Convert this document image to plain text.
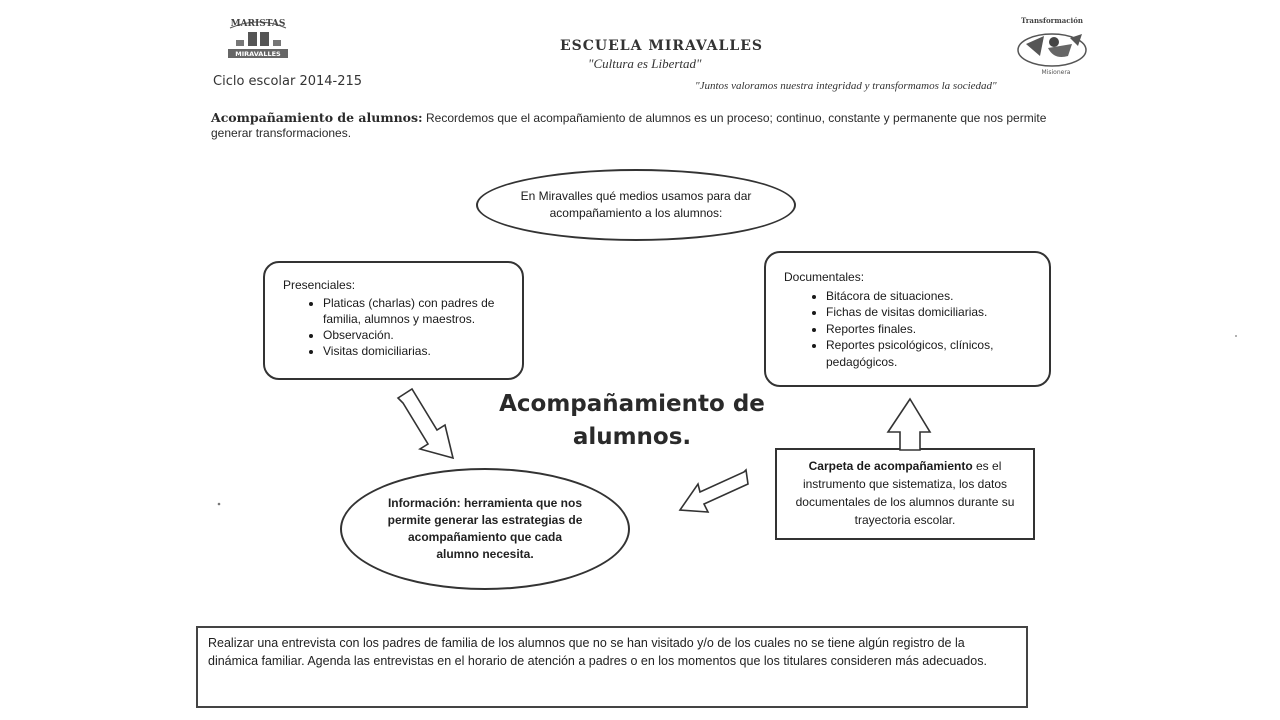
MARISTAS
MIRAVALLES
Ciclo escolar 2014-215
ESCUELA MIRAVALLES
"Cultura es Libertad"
"Juntos valoramos nuestra integridad y transformamos la sociedad"
Transformación
Misionera
Acompañamiento de alumnos: Recordemos que el acompañamiento de alumnos es un proceso; continuo, constante y permanente que nos permite generar transformaciones.
En Miravalles qué medios usamos para dar acompañamiento a los alumnos:
Presenciales:
• Platicas (charlas) con padres de familia, alumnos y maestros.
• Observación.
• Visitas domiciliarias.
Documentales:
• Bitácora de situaciones.
• Fichas de visitas domiciliarias.
• Reportes finales.
• Reportes psicológicos, clínicos, pedagógicos.
Acompañamiento de
alumnos.
Información: herramienta que nos permite generar las estrategias de acompañamiento que cada alumno necesita.
Carpeta de acompañamiento es el instrumento que sistematiza, los datos documentales de los alumnos durante su trayectoria escolar.
Realizar una entrevista con los padres de familia de los alumnos que no se han visitado y/o de los cuales no se tiene algún registro de la dinámica familiar. Agenda las entrevistas en el horario de atención a padres o en los momentos que los titulares consideren más adecuados.
